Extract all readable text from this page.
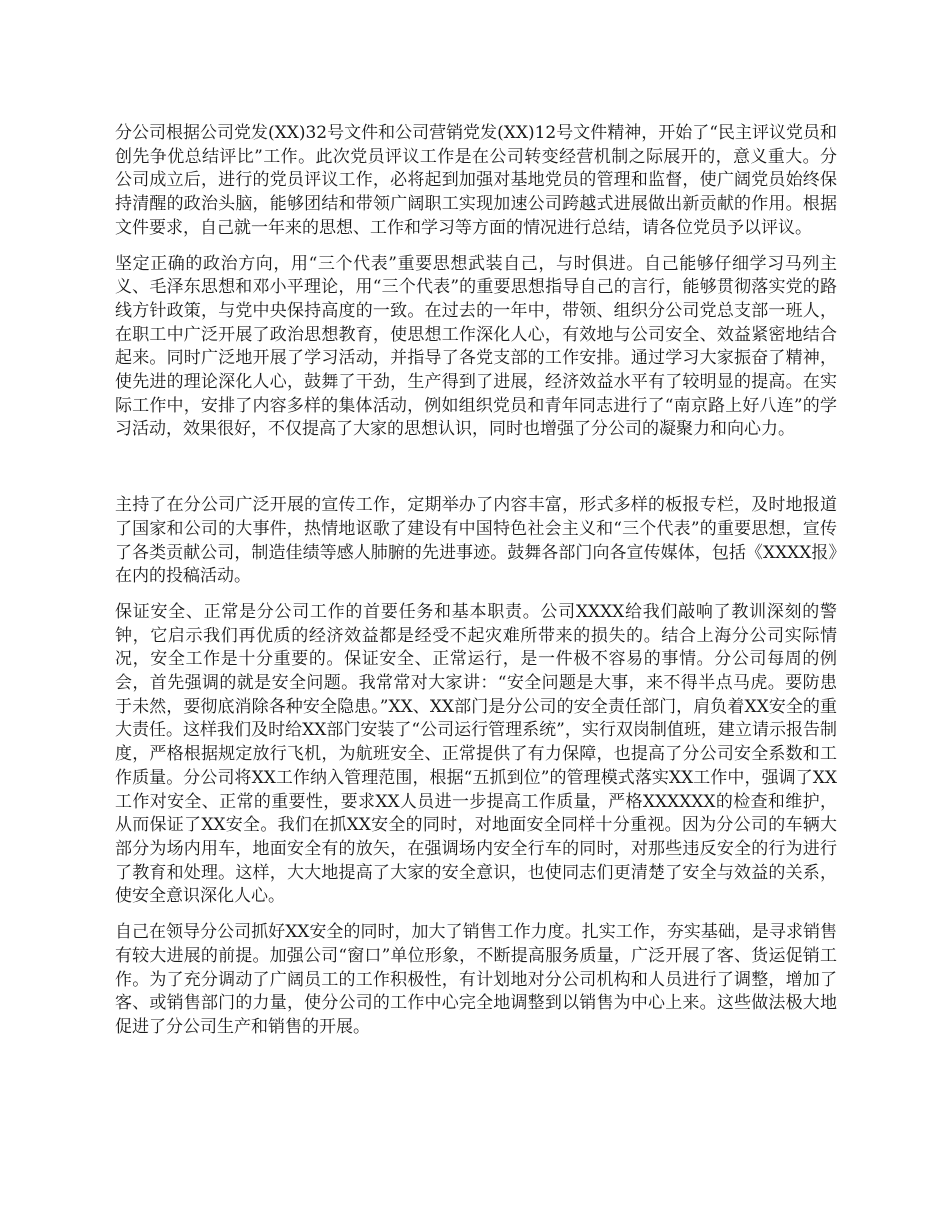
分公司根据公司党发(XX)32号文件和公司营销党发(XX)12号文件精神，开始了“民主评议党员和创先争优总结评比”工作。此次党员评议工作是在公司转变经营机制之际展开的，意义重大。分公司成立后，进行的党员评议工作，必将起到加强对基地党员的管理和监督，使广阔党员始终保持清醒的政治头脑，能够团结和带领广阔职工实现加速公司跨越式进展做出新贡献的作用。根据文件要求，自己就一年来的思想、工作和学习等方面的情况进行总结，请各位党员予以评议。

坚定正确的政治方向，用“三个代表”重要思想武装自己，与时俱进。自己能够仔细学习马列主义、毛泽东思想和邓小平理论，用“三个代表”的重要思想指导自己的言行，能够贯彻落实党的路线方针政策，与党中央保持高度的一致。在过去的一年中，带领、组织分公司党总支部一班人，在职工中广泛开展了政治思想教育，使思想工作深化人心，有效地与公司安全、效益紧密地结合起来。同时广泛地开展了学习活动，并指导了各党支部的工作安排。通过学习大家振奋了精神，使先进的理论深化人心，鼓舞了干劲，生产得到了进展，经济效益水平有了较明显的提高。在实际工作中，安排了内容多样的集体活动，例如组织党员和青年同志进行了“南京路上好八连”的学习活动，效果很好，不仅提高了大家的思想认识，同时也增强了分公司的凝聚力和向心力。

主持了在分公司广泛开展的宣传工作，定期举办了内容丰富，形式多样的板报专栏，及时地报道了国家和公司的大事件，热情地讴歌了建设有中国特色社会主义和“三个代表”的重要思想，宣传了各类贡献公司，制造佳绩等感人肺腑的先进事迹。鼓舞各部门向各宣传媒体，包括《XXXX报》在内的投稿活动。

保证安全、正常是分公司工作的首要任务和基本职责。公司XXXX给我们敲响了教训深刻的警钟，它启示我们再优质的经济效益都是经受不起灾难所带来的损失的。结合上海分公司实际情况，安全工作是十分重要的。保证安全、正常运行，是一件极不容易的事情。分公司每周的例会，首先强调的就是安全问题。我常常对大家讲：“安全问题是大事，来不得半点马虎。要防患于未然，要彻底消除各种安全隐患。”XX、XX部门是分公司的安全责任部门，肩负着XX安全的重大责任。这样我们及时给XX部门安装了“公司运行管理系统”，实行双岗制值班，建立请示报告制度，严格根据规定放行飞机，为航班安全、正常提供了有力保障，也提高了分公司安全系数和工作质量。分公司将XX工作纳入管理范围，根据“五抓到位”的管理模式落实XX工作中，强调了XX工作对安全、正常的重要性，要求XX人员进一步提高工作质量，严格XXXXXX的检查和维护，从而保证了XX安全。我们在抓XX安全的同时，对地面安全同样十分重视。因为分公司的车辆大部分为场内用车，地面安全有的放矢，在强调场内安全行车的同时，对那些违反安全的行为进行了教育和处理。这样，大大地提高了大家的安全意识，也使同志们更清楚了安全与效益的关系，使安全意识深化人心。

自己在领导分公司抓好XX安全的同时，加大了销售工作力度。扎实工作，夯实基础，是寻求销售有较大进展的前提。加强公司“窗口”单位形象，不断提高服务质量，广泛开展了客、货运促销工作。为了充分调动了广阔员工的工作积极性，有计划地对分公司机构和人员进行了调整，增加了客、或销售部门的力量，使分公司的工作中心完全地调整到以销售为中心上来。这些做法极大地促进了分公司生产和销售的开展。
